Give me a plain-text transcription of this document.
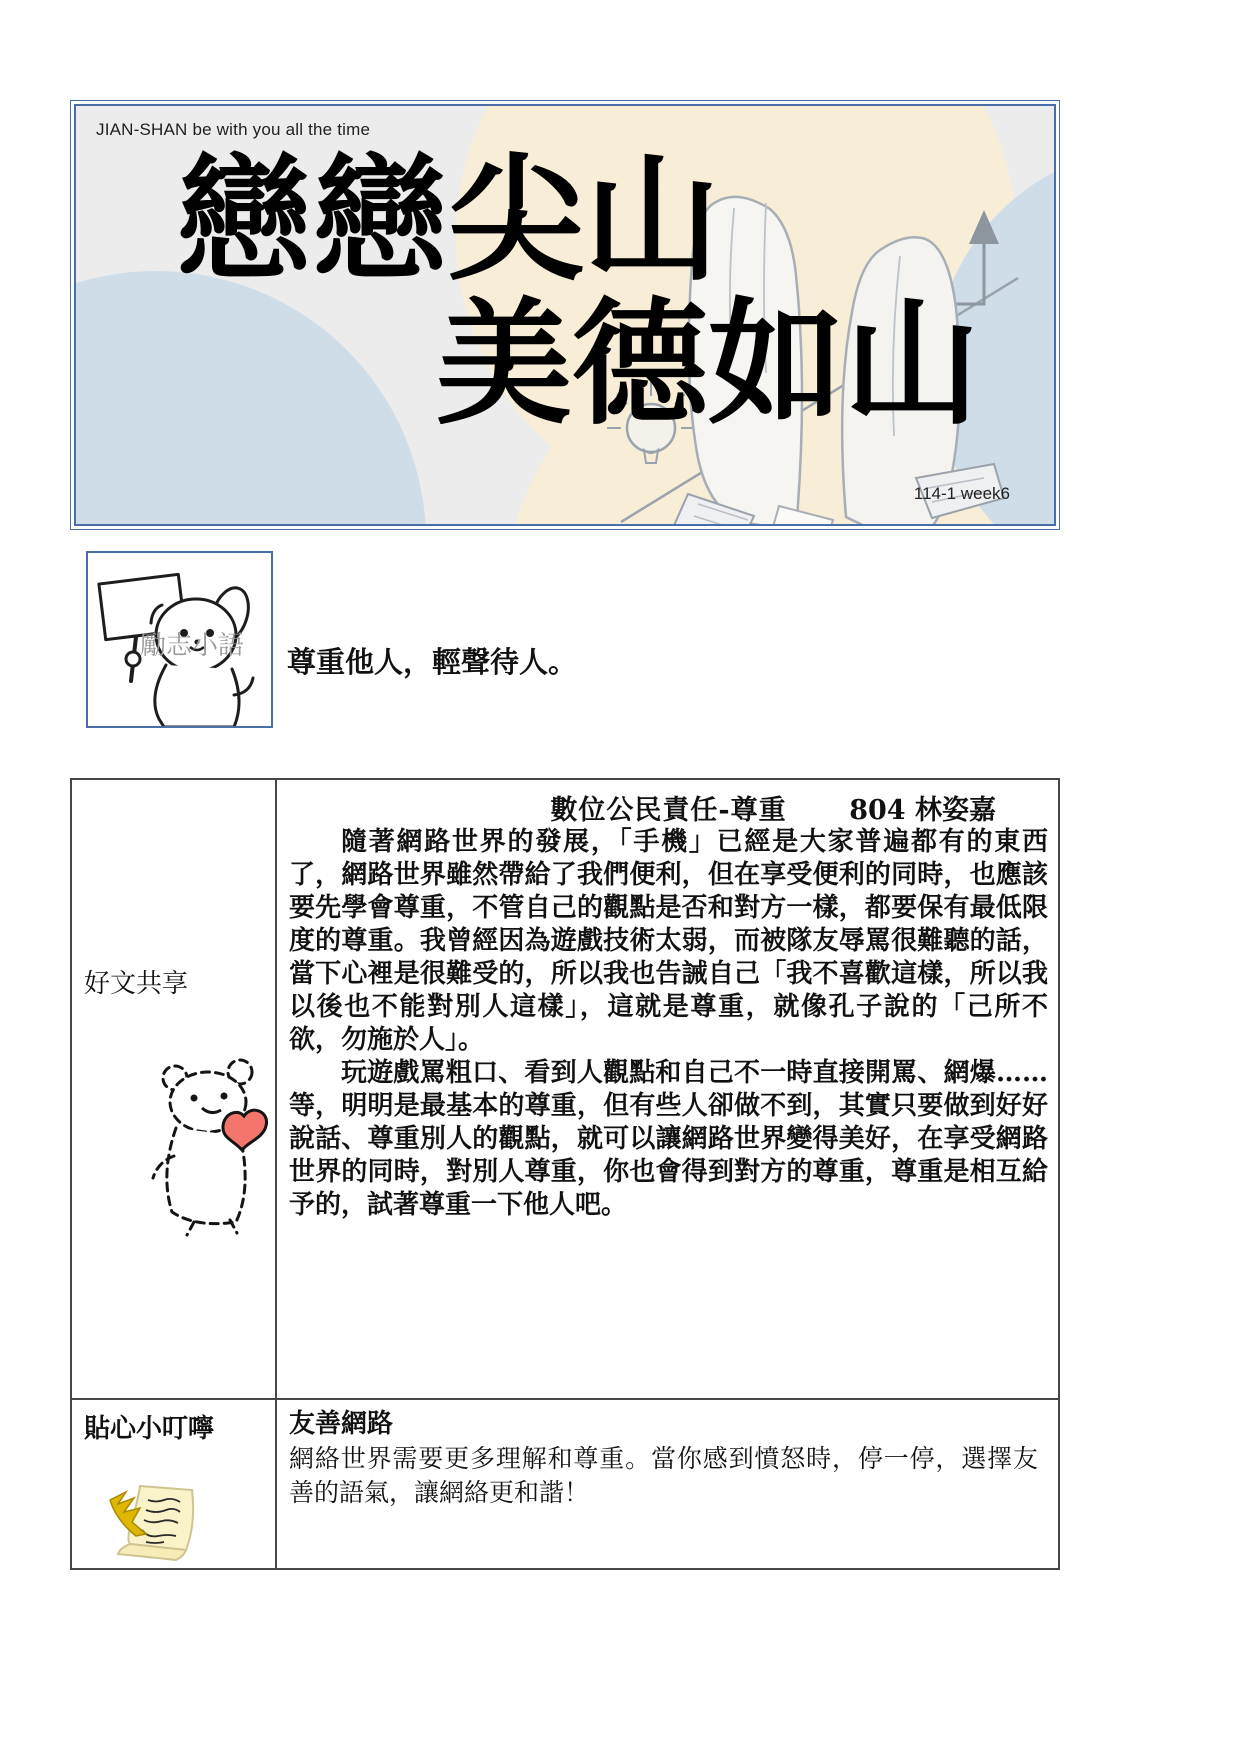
JIAN-SHAN be with you all the time
戀戀尖山
美德如山
114-1 week6
勵志小語 尊重他人，輕聲待人。
好文共享
數位公民責任-尊重	804 林姿嘉

隨著網路世界的發展，「手機」已經是大家普遍都有的東西了，網路世界雖然帶給了我們便利，但在享受便利的同時，也應該要先學會尊重，不管自己的觀點是否和對方一樣，都要保有最低限度的尊重。我曾經因為遊戲技術太弱，而被隊友辱罵很難聽的話，當下心裡是很難受的，所以我也告誡自己「我不喜歡這樣，所以我以後也不能對別人這樣」，這就是尊重，就像孔子說的「己所不欲，勿施於人」。

玩遊戲罵粗口、看到人觀點和自己不一時直接開罵、網爆……等，明明是最基本的尊重，但有些人卻做不到，其實只要做到好好說話、尊重別人的觀點，就可以讓網路世界變得美好，在享受網路世界的同時，對別人尊重，你也會得到對方的尊重，尊重是相互給予的，試著尊重一下他人吧。

貼心小叮嚀	友善網路
網絡世界需要更多理解和尊重。當你感到憤怒時，停一停，選擇友善的語氣，讓網絡更和諧！
